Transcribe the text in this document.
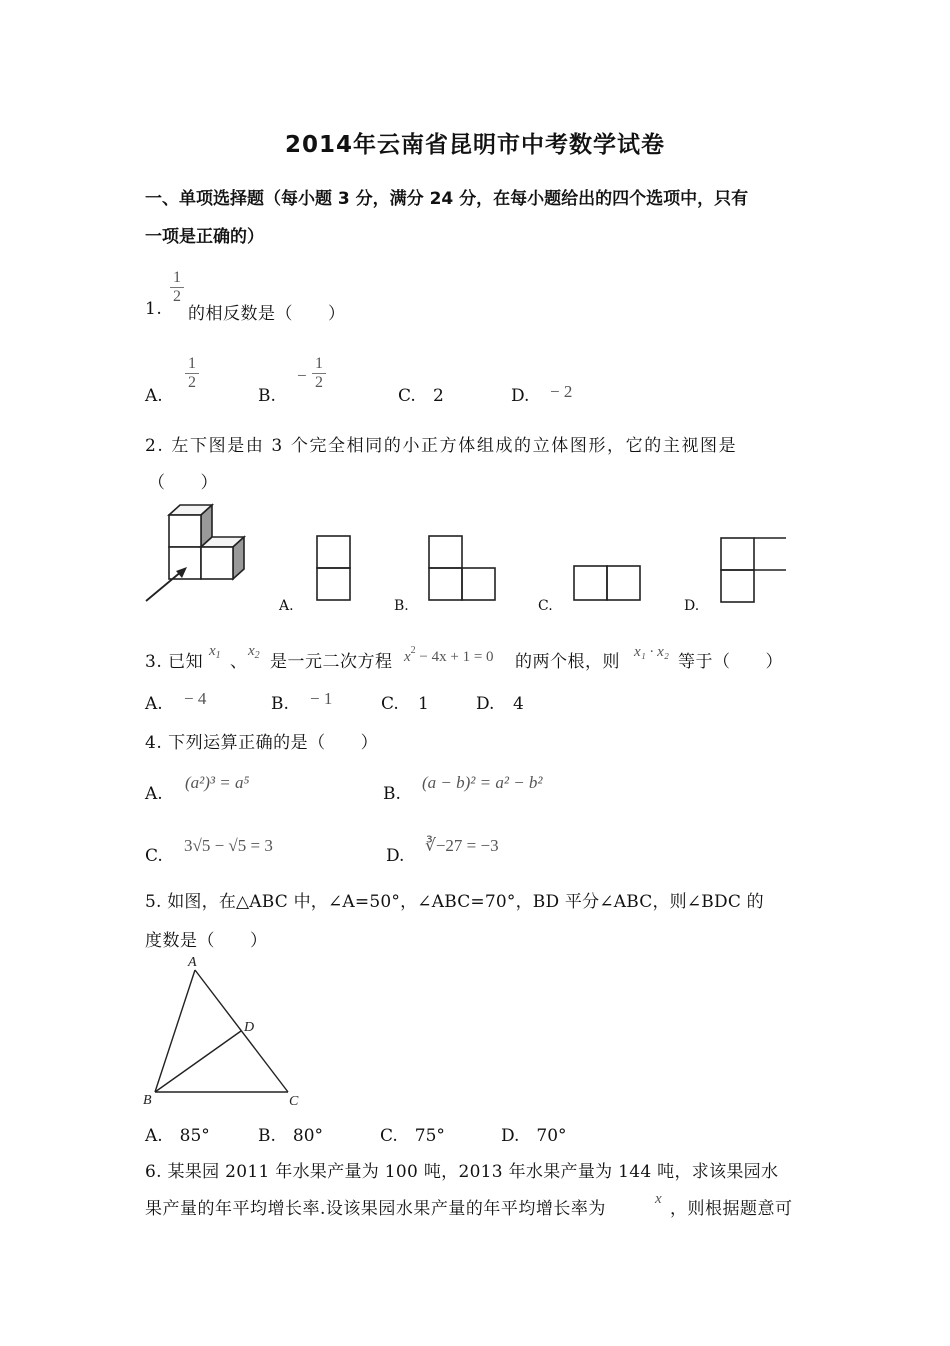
2014年云南省昆明市中考数学试卷
一、单项选择题（每小题 3 分，满分 24 分，在每小题给出的四个选项中，只有
一项是正确的）
1.
1
2
的相反数是（　　）
A.
1
2
B.
−
1
2
C. 2	D. − 2
2. 左下图是由 3 个完全相同的小正方体组成的立体图形，它的主视图是
（　　）
A.	B.	C.	D.
3. 已知
$x_1$ 、
$x_2$ 是一元二次方程 $x^2 - 4x + 1 = 0$ 的两个根，则 x₁ · x₂ 等于（　　）
A. − 4	B. − 1	C. 1	D. 4
4. 下列运算正确的是（　　）
A.
(a²)³ = a⁵
B.
(a − b)² = a² − b²
C.
3√5 − √5 = 3
D.
∛−27 = −3
5. 如图，在△ABC 中，∠A=50°，∠ABC=70°，BD 平分∠ABC，则∠BDC 的
度数是（　　）
A
B	C
D
A.　85°	B.　80°	C.　75°	D.　70°
6. 某果园 2011 年水果产量为 100 吨，2013 年水果产量为 144 吨，求该果园水
果产量的年平均增长率.设该果园水果产量的年平均增长率为	x ，则根据题意可
